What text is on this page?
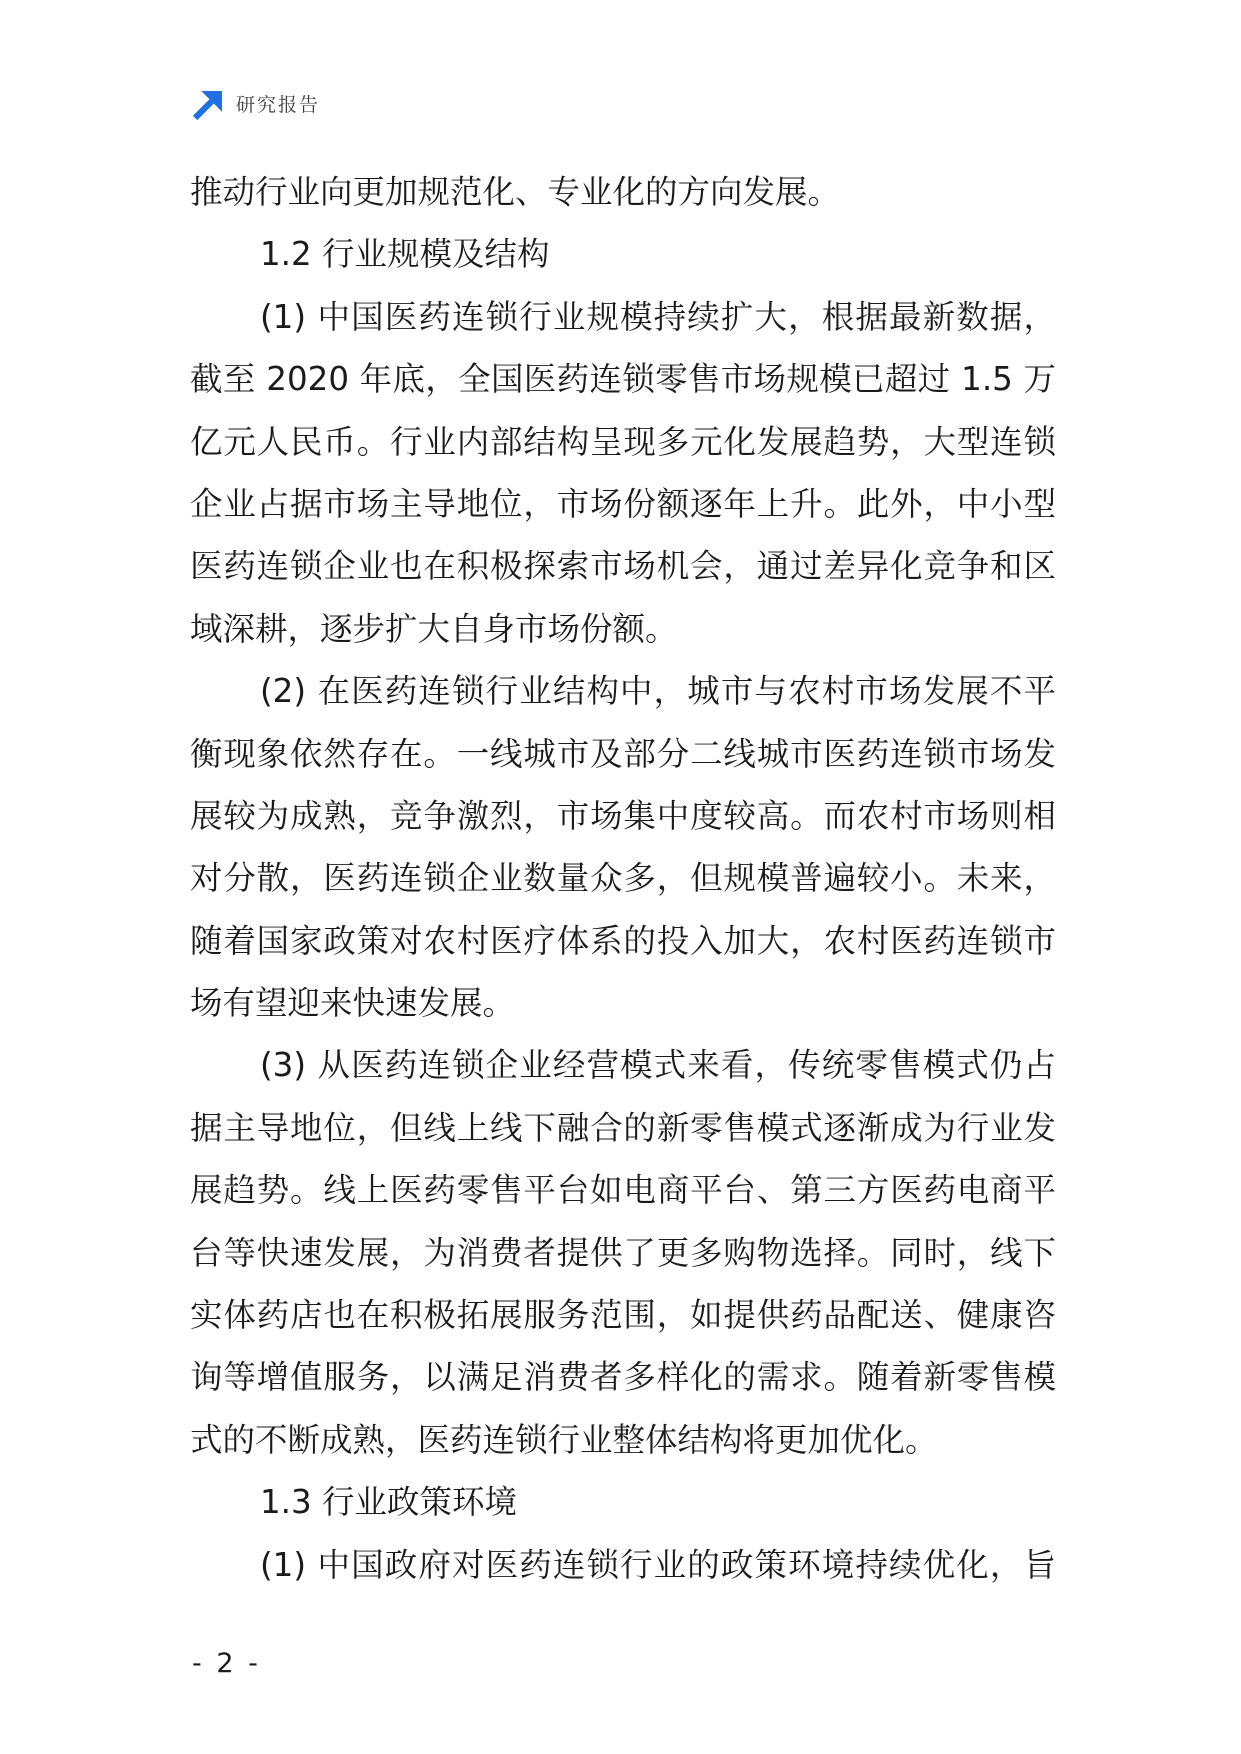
研究报告
推动行业向更加规范化、专业化的方向发展。
1.2 行业规模及结构
(1) 中国医药连锁行业规模持续扩大，根据最新数据，
截至 2020 年底，全国医药连锁零售市场规模已超过 1.5 万
亿元人民币。行业内部结构呈现多元化发展趋势，大型连锁
企业占据市场主导地位，市场份额逐年上升。此外，中小型
医药连锁企业也在积极探索市场机会，通过差异化竞争和区
域深耕，逐步扩大自身市场份额。
(2) 在医药连锁行业结构中，城市与农村市场发展不平
衡现象依然存在。一线城市及部分二线城市医药连锁市场发
展较为成熟，竞争激烈，市场集中度较高。而农村市场则相
对分散，医药连锁企业数量众多，但规模普遍较小。未来，
随着国家政策对农村医疗体系的投入加大，农村医药连锁市
场有望迎来快速发展。
(3) 从医药连锁企业经营模式来看，传统零售模式仍占
据主导地位，但线上线下融合的新零售模式逐渐成为行业发
展趋势。线上医药零售平台如电商平台、第三方医药电商平
台等快速发展，为消费者提供了更多购物选择。同时，线下
实体药店也在积极拓展服务范围，如提供药品配送、健康咨
询等增值服务，以满足消费者多样化的需求。随着新零售模
式的不断成熟，医药连锁行业整体结构将更加优化。
1.3 行业政策环境
(1) 中国政府对医药连锁行业的政策环境持续优化，旨
- 2 -
